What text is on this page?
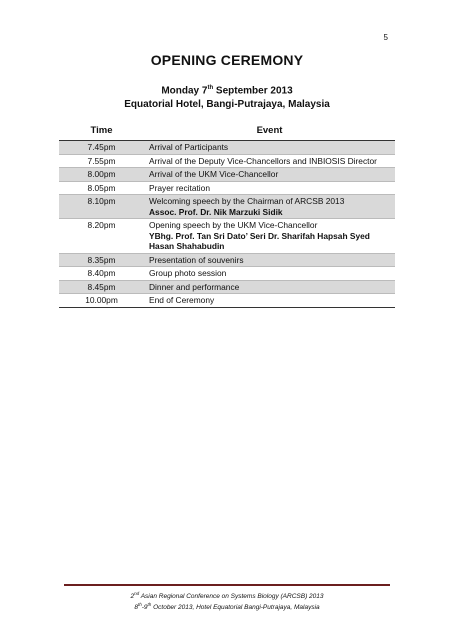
5
OPENING CEREMONY
Monday 7th September 2013
Equatorial Hotel, Bangi-Putrajaya, Malaysia
Time	Event
7.45pm	Arrival of Participants
7.55pm	Arrival of the Deputy Vice-Chancellors and INBIOSIS Director
8.00pm	Arrival of the UKM Vice-Chancellor
8.05pm	Prayer recitation
8.10pm	Welcoming speech by the Chairman of ARCSB 2013
Assoc. Prof. Dr. Nik Marzuki Sidik
8.20pm	Opening speech by the UKM Vice-Chancellor
YBhg. Prof. Tan Sri Dato’ Seri Dr. Sharifah Hapsah Syed Hasan Shahabudin
8.35pm	Presentation of souvenirs
8.40pm	Group photo session
8.45pm	Dinner and performance
10.00pm	End of Ceremony
2nd Asian Regional Conference on Systems Biology (ARCSB) 2013
8th-9th October 2013, Hotel Equatorial Bangi-Putrajaya, Malaysia
